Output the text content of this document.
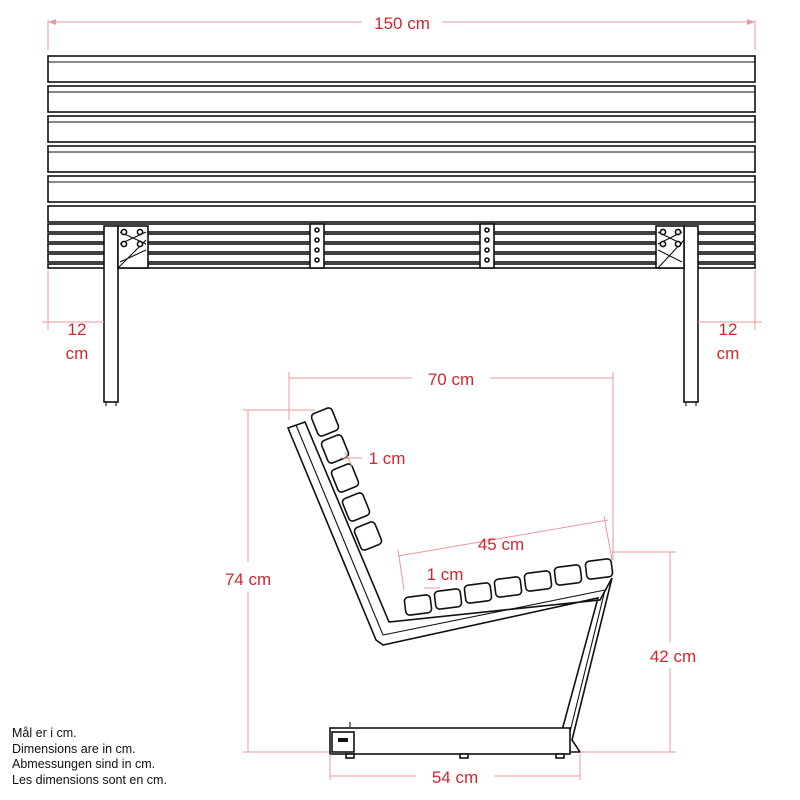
150 cm
12
cm
12
cm
70 cm
74 cm
1 cm
45 cm
1 cm
42 cm
54 cm
Mål er i cm.
Dimensions are in cm.
Abmessungen sind in cm.
Les dimensions sont en cm.
